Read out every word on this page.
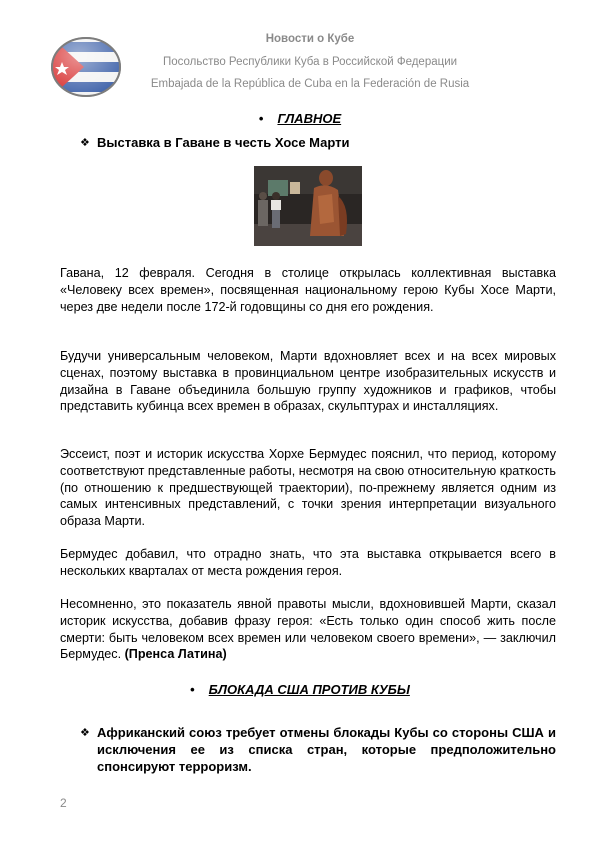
Новости о Кубе
Посольство Республики Куба в Российской Федерации
Embajada de la República de Cuba en la Federación de Rusia
• ГЛАВНОЕ
❖ Выставка в Гаване в честь Хосе Марти

Гавана, 12 февраля. Сегодня в столице открылась коллективная выставка «Человеку всех времен», посвященная национальному герою Кубы Хосе Марти, через две недели после 172-й годовщины со дня его рождения.

Будучи универсальным человеком, Марти вдохновляет всех и на всех мировых сценах, поэтому выставка в провинциальном центре изобразительных искусств и дизайна в Гаване объединила большую группу художников и графиков, чтобы представить кубинца всех времен в образах, скульптурах и инсталляциях.

Эссеист, поэт и историк искусства Хорхе Бермудес пояснил, что период, которому соответствуют представленные работы, несмотря на свою относительную краткость (по отношению к предшествующей траектории), по-прежнему является одним из самых интенсивных представлений, с точки зрения интерпретации визуального образа Марти.

Бермудес добавил, что отрадно знать, что эта выставка открывается всего в нескольких кварталах от места рождения героя.

Несомненно, это показатель явной правоты мысли, вдохновившей Марти, сказал историк искусства, добавив фразу героя: «Есть только один способ жить после смерти: быть человеком всех времен или человеком своего времени», — заключил Бермудес. (Пренса Латина)

• БЛОКАДА США ПРОТИВ КУБЫ
❖ Африканский союз требует отмены блокады Кубы со стороны США и исключения ее из списка стран, которые предположительно спонсируют терроризм.
2
